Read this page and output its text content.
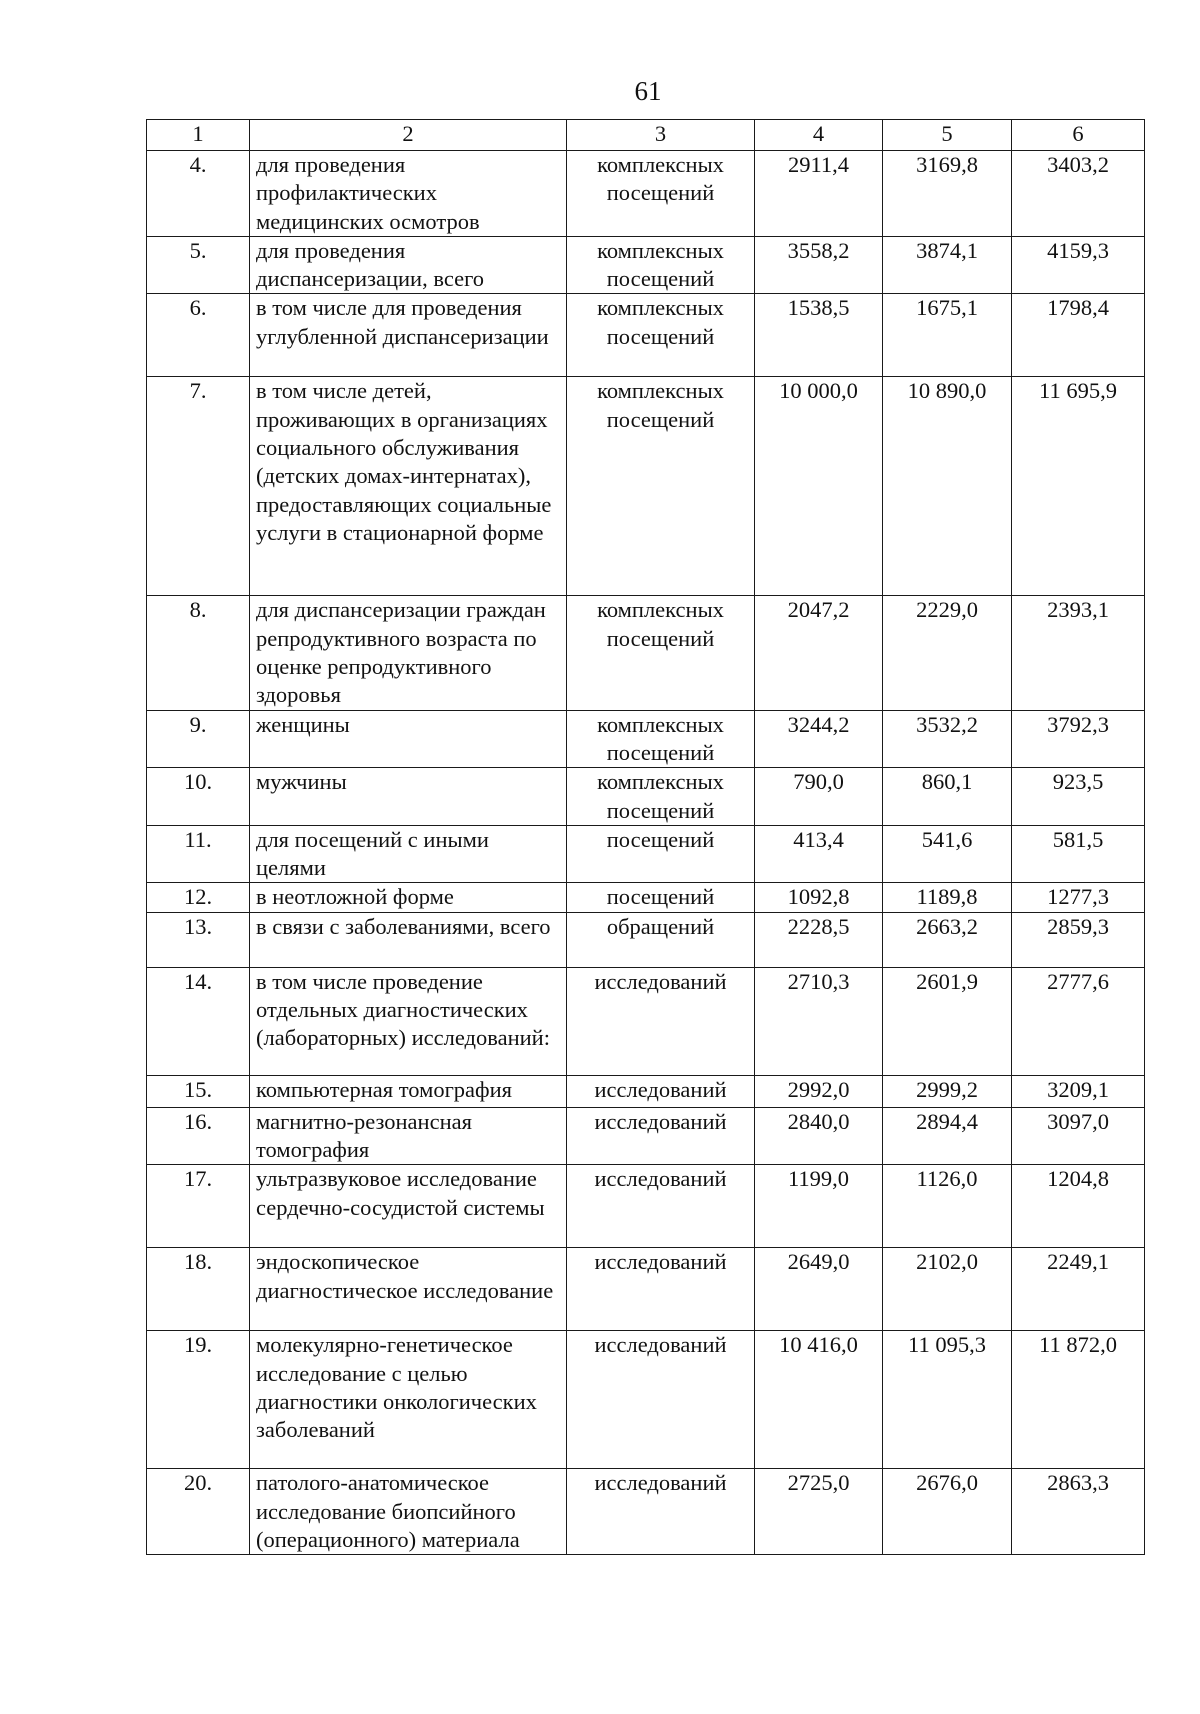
61
1	2	3	4	5	6
4.	для проведения профилактических медицинских осмотров	комплексных посещений	2911,4	3169,8	3403,2
5.	для проведения диспансеризации, всего	комплексных посещений	3558,2	3874,1	4159,3
6.	в том числе для проведения углубленной диспансеризации	комплексных посещений	1538,5	1675,1	1798,4
7.	в том числе детей, проживающих в организациях социального обслуживания (детских домах-интернатах), предоставляющих социальные услуги в стационарной форме	комплексных посещений	10 000,0	10 890,0	11 695,9
8.	для диспансеризации граждан репродуктивного возраста по оценке репродуктивного здоровья	комплексных посещений	2047,2	2229,0	2393,1
9.	женщины	комплексных посещений	3244,2	3532,2	3792,3
10.	мужчины	комплексных посещений	790,0	860,1	923,5
11.	для посещений с иными целями	посещений	413,4	541,6	581,5
12.	в неотложной форме	посещений	1092,8	1189,8	1277,3
13.	в связи с заболеваниями, всего	обращений	2228,5	2663,2	2859,3
14.	в том числе проведение отдельных диагностических (лабораторных) исследований:	исследований	2710,3	2601,9	2777,6
15.	компьютерная томография	исследований	2992,0	2999,2	3209,1
16.	магнитно-резонансная томография	исследований	2840,0	2894,4	3097,0
17.	ультразвуковое исследование сердечно-сосудистой системы	исследований	1199,0	1126,0	1204,8
18.	эндоскопическое диагностическое исследование	исследований	2649,0	2102,0	2249,1
19.	молекулярно-генетическое исследование с целью диагностики онкологических заболеваний	исследований	10 416,0	11 095,3	11 872,0
20.	патолого-анатомическое исследование биопсийного (операционного) материала	исследований	2725,0	2676,0	2863,3
